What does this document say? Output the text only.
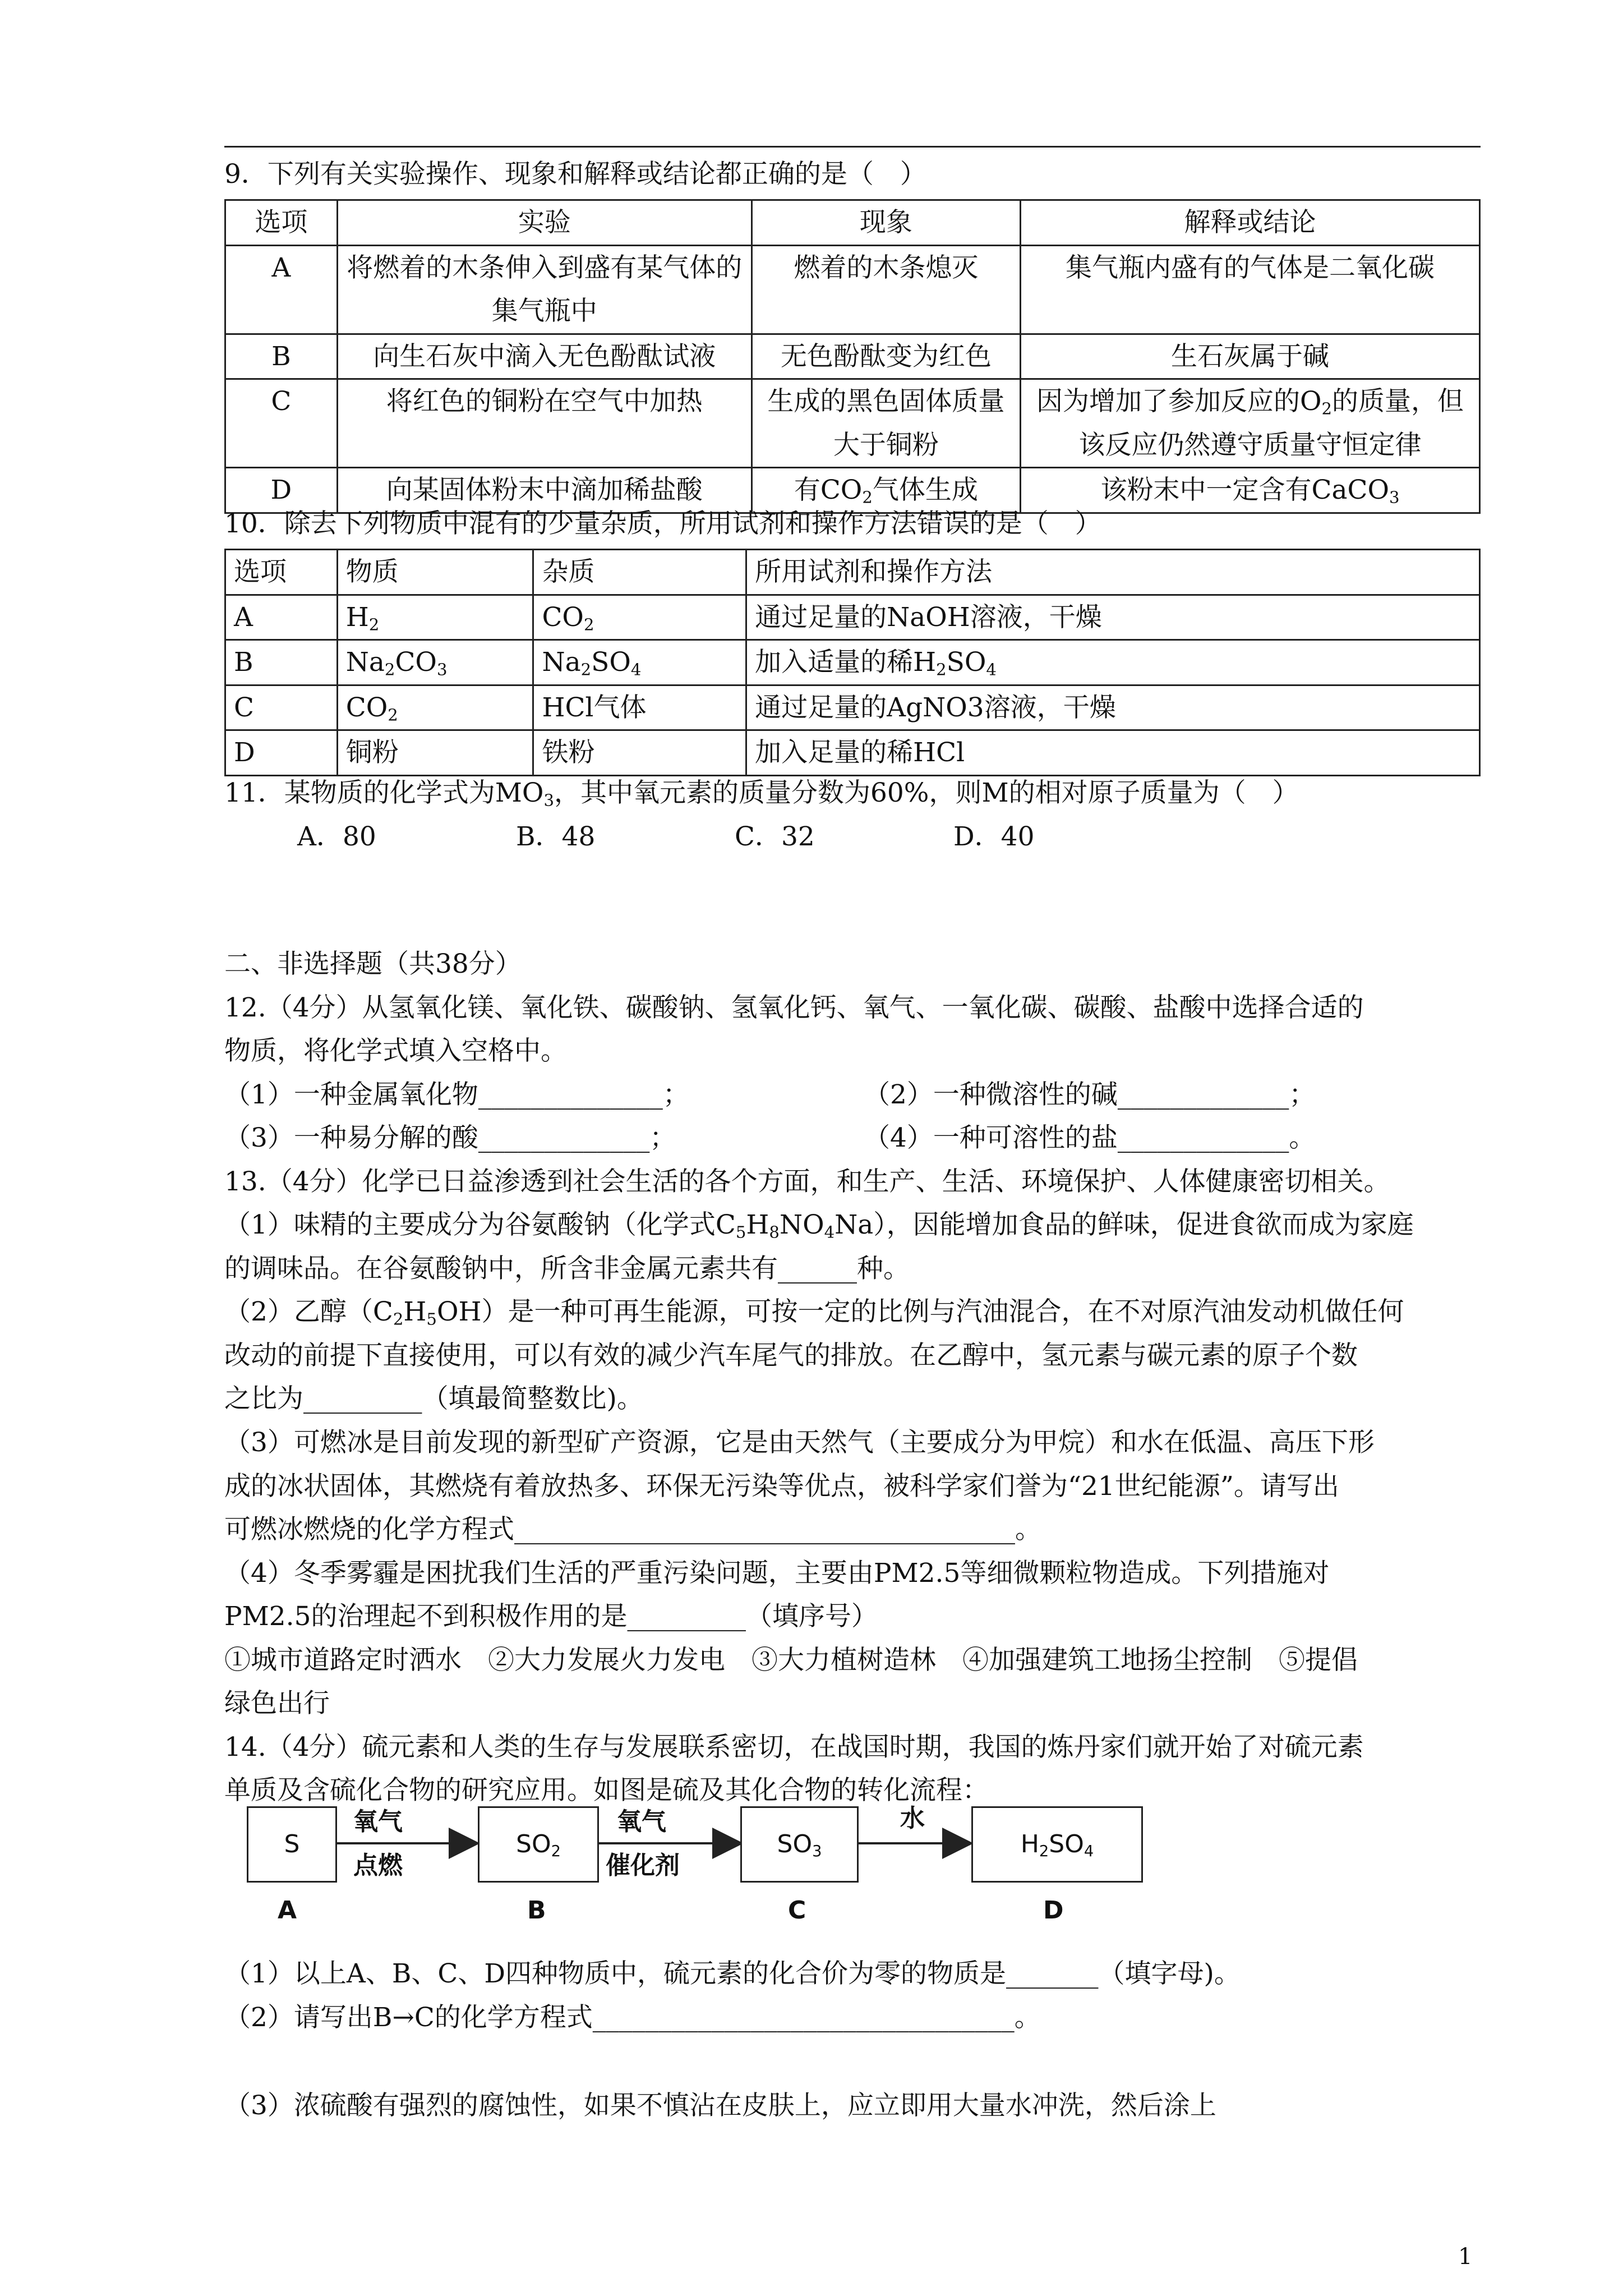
9．下列有关实验操作、现象和解释或结论都正确的是（　）
选项	实验	现象	解释或结论
A	将燃着的木条伸入到盛有某气体的集气瓶中	燃着的木条熄灭	集气瓶内盛有的气体是二氧化碳
B	向生石灰中滴入无色酚酞试液	无色酚酞变为红色	生石灰属于碱
C	将红色的铜粉在空气中加热	生成的黑色固体质量大于铜粉	因为增加了参加反应的$O_2$的质量，但该反应仍然遵守质量守恒定律
D	向某固体粉末中滴加稀盐酸	有$CO_2$气体生成	该粉末中一定含有CaCO$_3$
10．除去下列物质中混有的少量杂质，所用试剂和操作方法错误的是（　）
选项	物质	杂质	所用试剂和操作方法
A	$H_2$	$CO_2$	通过足量的NaOH溶液，干燥
B	$Na_2CO_3$	$Na_2SO_4$	加入适量的稀$H_2SO_4$
C	$CO_2$	HCl气体	通过足量的AgNO3溶液，干燥
D	铜粉	铁粉	加入足量的稀HCl
11．某物质的化学式为$MO_3$，其中氧元素的质量分数为60%，则M的相对原子质量为（　）
A．80	B．48	C．32	D．40
二、非选择题（共38分）
12.（4分）从氢氧化镁、氧化铁、碳酸钠、氢氧化钙、氧气、一氧化碳、碳酸、盐酸中选择合适的
物质，将化学式填入空格中。
（1）一种金属氧化物______________；	（2）一种微溶性的碱_____________；
（3）一种易分解的酸_____________；	（4）一种可溶性的盐_____________。
13.（4分）化学已日益渗透到社会生活的各个方面，和生产、生活、环境保护、人体健康密切相关。
（1）味精的主要成分为谷氨酸钠（化学式$C_5H_8NO_4Na$），因能增加食品的鲜味，促进食欲而成为家庭
的调味品。在谷氨酸钠中，所含非金属元素共有______种。
（2）乙醇$(C_2H_5OH)$是一种可再生能源，可按一定的比例与汽油混合，在不对原汽油发动机做任何
改动的前提下直接使用，可以有效的减少汽车尾气的排放。在乙醇中，氢元素与碳元素的原子个数
之比为_________（填最简整数比)。
（3）可燃冰是目前发现的新型矿产资源，它是由天然气（主要成分为甲烷）和水在低温、高压下形
成的冰状固体，其燃烧有着放热多、环保无污染等优点，被科学家们誉为“21世纪能源”。请写出
可燃冰燃烧的化学方程式______________________________________。
（4）冬季雾霾是困扰我们生活的严重污染问题，主要由PM2.5等细微颗粒物造成。下列措施对
PM2.5的治理起不到积极作用的是_________（填序号）
①城市道路定时洒水　②大力发展火力发电　③大力植树造林　④加强建筑工地扬尘控制　⑤提倡
绿色出行
14.（4分）硫元素和人类的生存与发展联系密切，在战国时期，我国的炼丹家们就开始了对硫元素
单质及含硫化合物的研究应用。如图是硫及其化合物的转化流程：
S	$SO_2$	$SO_3$	$H_2SO_4$
氧气
点燃
氧气
催化剂
水
A	B	C	D
（1）以上A、B、C、D四种物质中，硫元素的化合价为零的物质是_______（填字母)。
（2）请写出B→C的化学方程式________________________________。
（3）浓硫酸有强烈的腐蚀性，如果不慎沾在皮肤上，应立即用大量水冲洗，然后涂上
1
